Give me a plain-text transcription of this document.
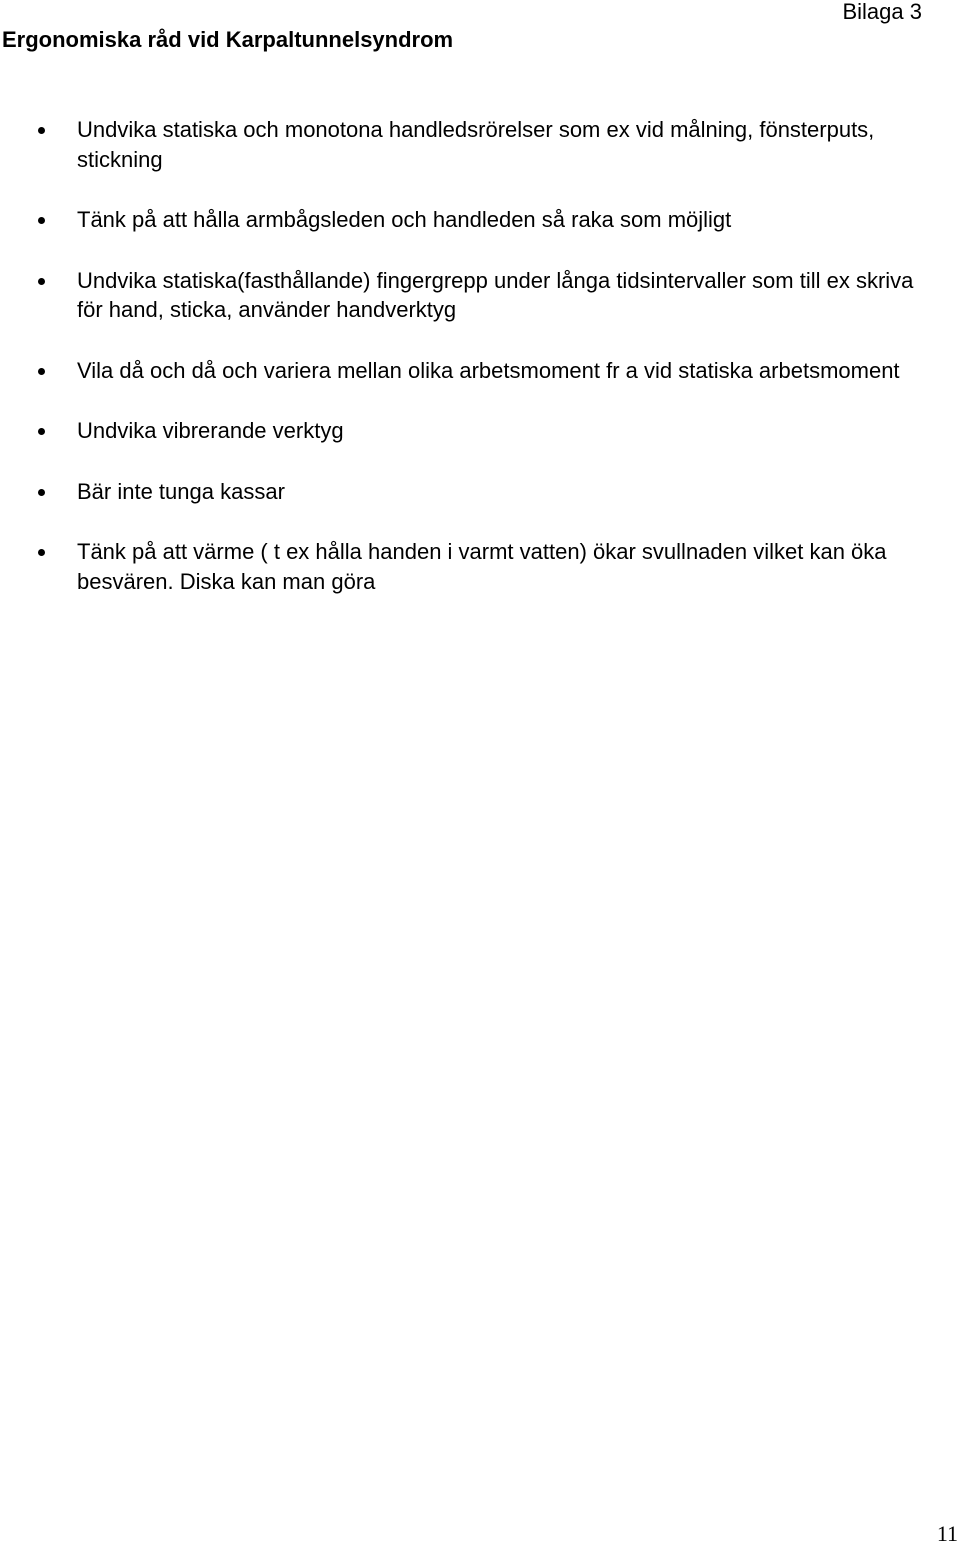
Bilaga 3

Ergonomiska råd vid Karpaltunnelsyndrom
Undvika statiska och monotona handledsrörelser som ex vid målning, fönsterputs, stickning
Tänk på att hålla armbågsleden och handleden så raka som möjligt
Undvika statiska(fasthållande) fingergrepp under långa tidsintervaller som till ex skriva för hand, sticka, använder handverktyg
Vila då och då och variera mellan olika arbetsmoment fr a vid statiska arbetsmoment
Undvika vibrerande verktyg
Bär inte tunga kassar
Tänk på att värme ( t ex hålla handen i varmt vatten) ökar svullnaden vilket kan öka besvären. Diska kan man göra

11
